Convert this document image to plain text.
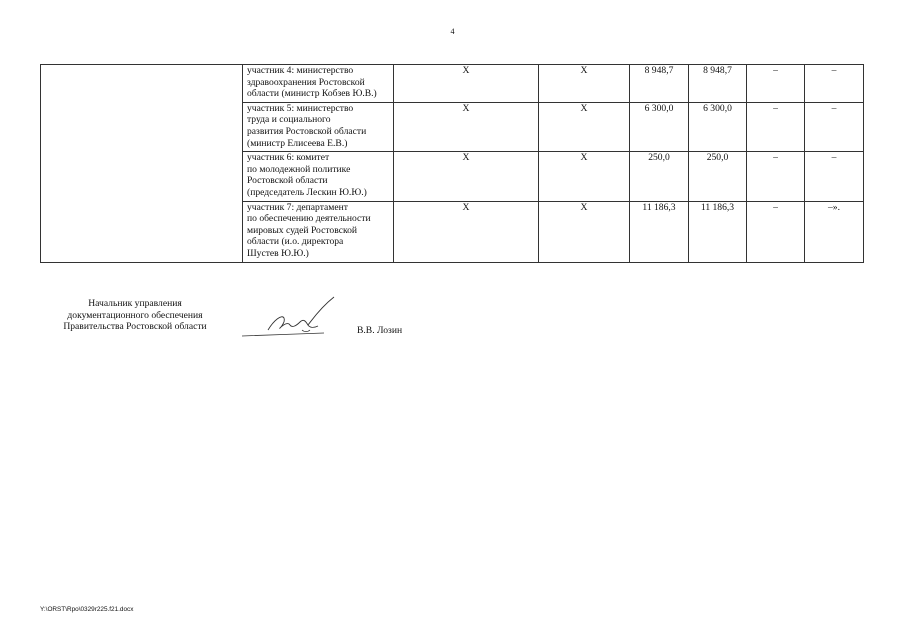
4
	участник 4: министерство
здравоохранения Ростовской
области (министр Кобзев Ю.В.)	X	X	8 948,7	8 948,7	–	–
	участник 5: министерство
труда и социального
развития Ростовской области
(министр Елисеева Е.В.)	X	X	6 300,0	6 300,0	–	–
	участник 6: комитет
по молодежной политике
Ростовской области
(председатель Лескин Ю.Ю.)	X	X	250,0	250,0	–	–
	участник 7: департамент
по обеспечению деятельности
мировых судей Ростовской
области (и.о. директора
Шустев Ю.Ю.)	X	X	11 186,3	11 186,3	–	–».
Начальник управления
документационного обеспечения
Правительства Ростовской области	В.В. Лозин
Y:\ORST\Rpo\0329r225.f21.docx
